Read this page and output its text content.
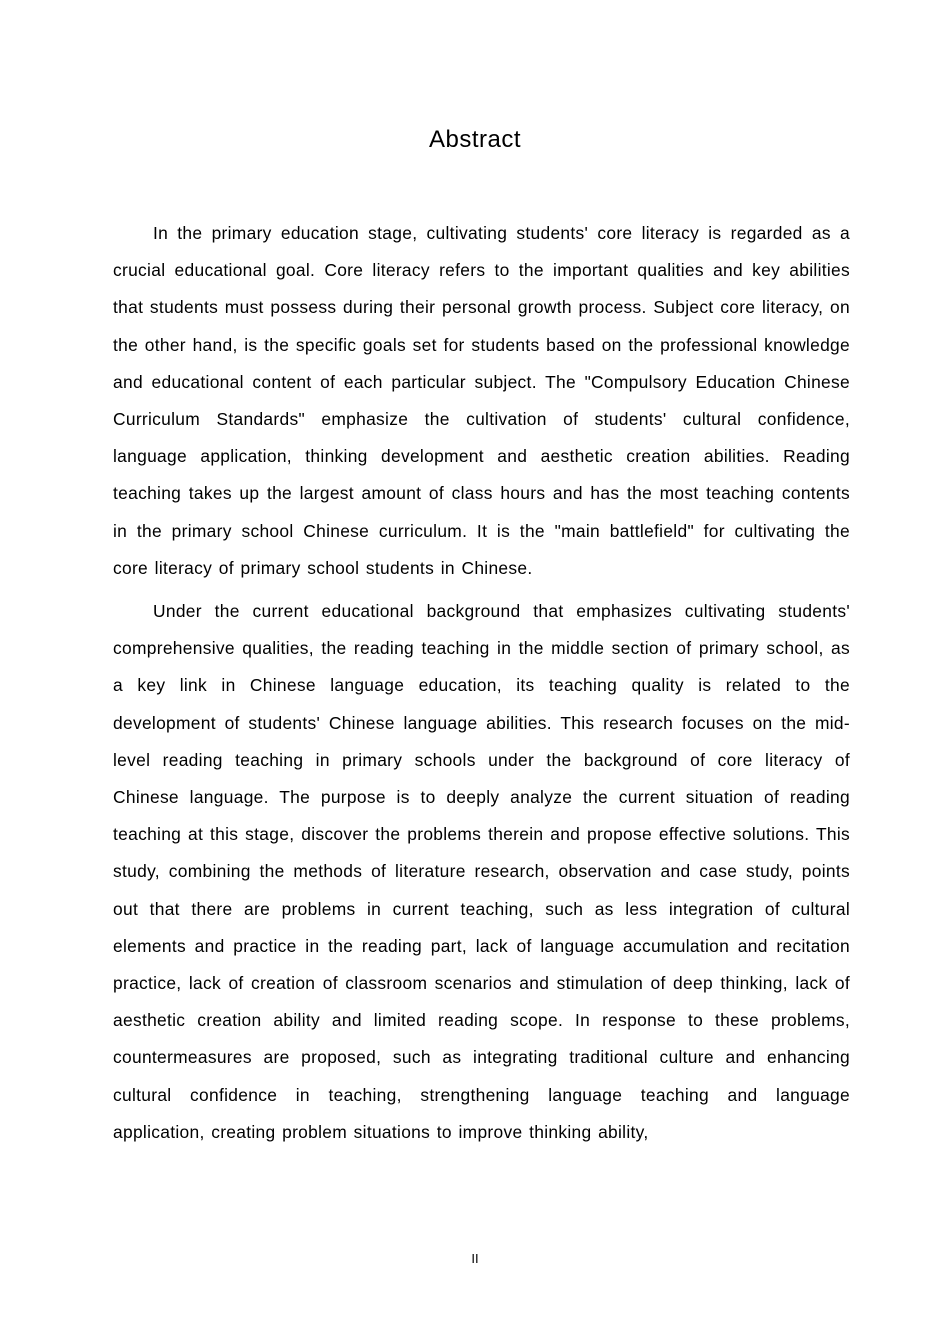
Abstract

In the primary education stage, cultivating students' core literacy is regarded as a crucial educational goal. Core literacy refers to the important qualities and key abilities that students must possess during their personal growth process. Subject core literacy, on the other hand, is the specific goals set for students based on the professional knowledge and educational content of each particular subject. The "Compulsory Education Chinese Curriculum Standards" emphasize the cultivation of students' cultural confidence, language application, thinking development and aesthetic creation abilities. Reading teaching takes up the largest amount of class hours and has the most teaching contents in the primary school Chinese curriculum. It is the "main battlefield" for cultivating the core literacy of primary school students in Chinese.

Under the current educational background that emphasizes cultivating students' comprehensive qualities, the reading teaching in the middle section of primary school, as a key link in Chinese language education, its teaching quality is related to the development of students' Chinese language abilities. This research focuses on the mid-level reading teaching in primary schools under the background of core literacy of Chinese language. The purpose is to deeply analyze the current situation of reading teaching at this stage, discover the problems therein and propose effective solutions. This study, combining the methods of literature research, observation and case study, points out that there are problems in current teaching, such as less integration of cultural elements and practice in the reading part, lack of language accumulation and recitation practice, lack of creation of classroom scenarios and stimulation of deep thinking, lack of aesthetic creation ability and limited reading scope. In response to these problems, countermeasures are proposed, such as integrating traditional culture and enhancing cultural confidence in teaching, strengthening language teaching and language application, creating problem situations to improve thinking ability,

II
